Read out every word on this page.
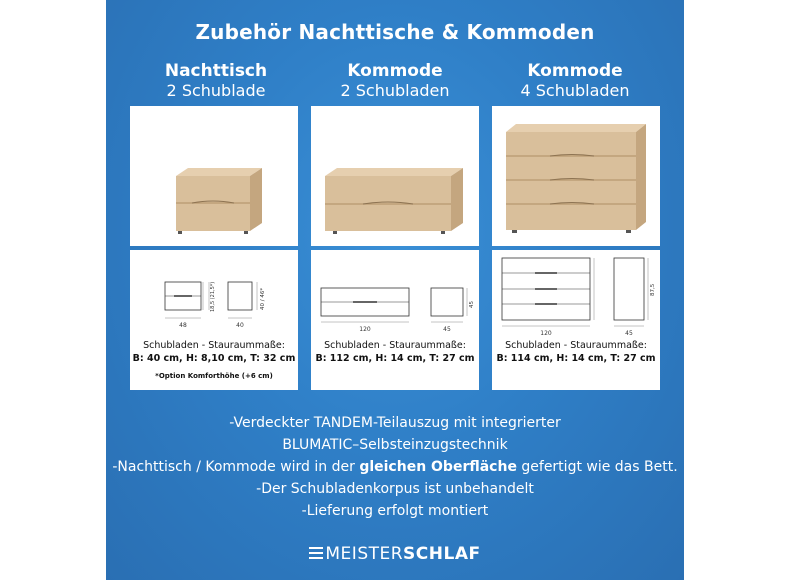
Zubehör Nachttische & Kommoden
Nachttisch
2 Schublade
Kommode
2 Schubladen
Kommode
4 Schubladen
48	40
18,5 (21,5*)	40 / 46*
Schubladen - Stauraummaße:
B: 40 cm, H: 8,10 cm, T: 32 cm
*Option Komforthöhe (+6 cm)
120	45
45
Schubladen - Stauraummaße:
B: 112 cm, H: 14 cm, T: 27 cm
120	45
87,5
Schubladen - Stauraummaße:
B: 114 cm, H: 14 cm, T: 27 cm
-Verdeckter TANDEM-Teilauszug mit integrierter
BLUMATIC–Selbsteinzugstechnik
-Nachttisch / Kommode wird in der gleichen Oberfläche gefertigt wie das Bett.
-Der Schubladenkorpus ist unbehandelt
-Lieferung erfolgt montiert
MEISTERSCHLAF
